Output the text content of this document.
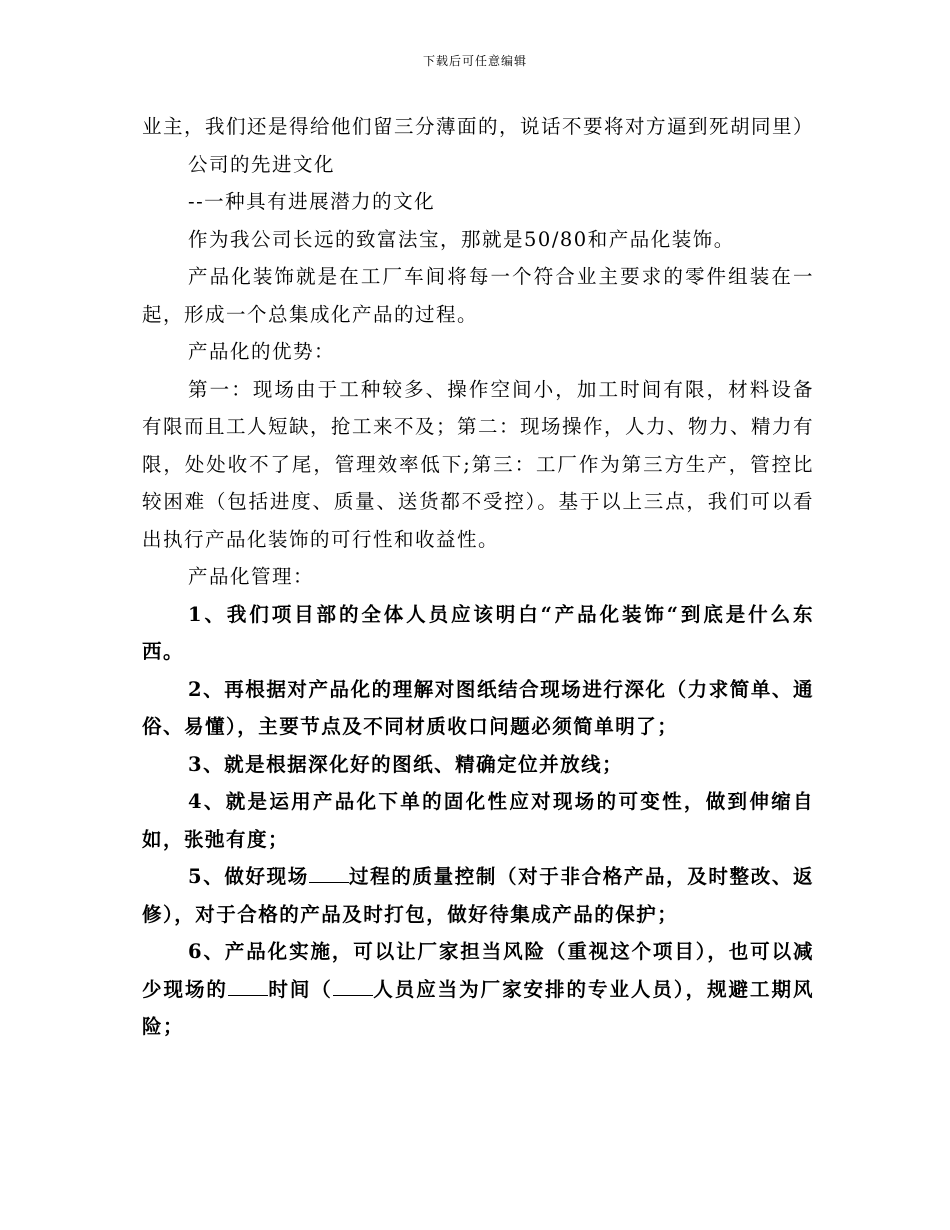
下载后可任意编辑

业主，我们还是得给他们留三分薄面的，说话不要将对方逼到死胡同里）

公司的先进文化

--一种具有进展潜力的文化

作为我公司长远的致富法宝，那就是50/80和产品化装饰。

产品化装饰就是在工厂车间将每一个符合业主要求的零件组装在一起，形成一个总集成化产品的过程。

产品化的优势：

第一：现场由于工种较多、操作空间小，加工时间有限，材料设备有限而且工人短缺，抢工来不及；第二：现场操作，人力、物力、精力有限，处处收不了尾，管理效率低下;第三：工厂作为第三方生产，管控比较困难（包括进度、质量、送货都不受控）。基于以上三点，我们可以看出执行产品化装饰的可行性和收益性。

产品化管理：

1、我们项目部的全体人员应该明白“产品化装饰“到底是什么东西。

2、再根据对产品化的理解对图纸结合现场进行深化（力求简单、通俗、易懂），主要节点及不同材质收口问题必须简单明了；

3、就是根据深化好的图纸、精确定位并放线；

4、就是运用产品化下单的固化性应对现场的可变性，做到伸缩自如，张弛有度；

5、做好现场 过程的质量控制（对于非合格产品，及时整改、返修），对于合格的产品及时打包，做好待集成产品的保护；

6、产品化实施，可以让厂家担当风险（重视这个项目），也可以减少现场的 时间（ 人员应当为厂家安排的专业人员），规避工期风险；
